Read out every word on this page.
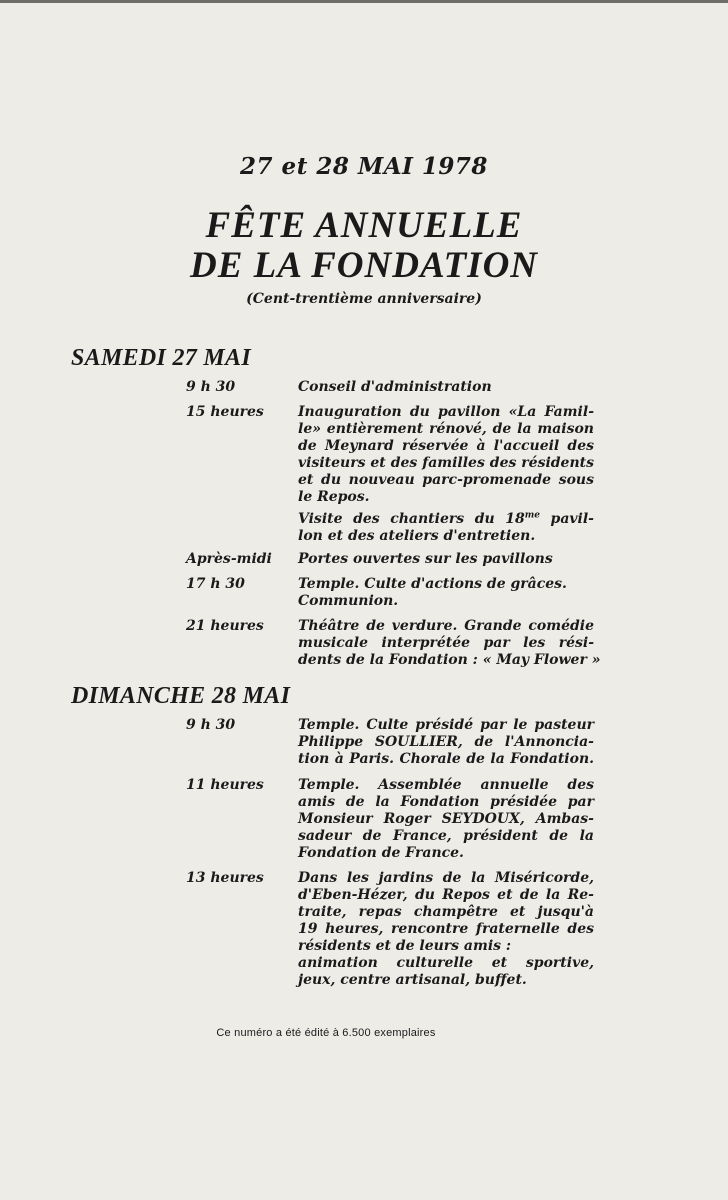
27 et 28 MAI 1978
FÊTE ANNUELLE
DE LA FONDATION
(Cent-trentième anniversaire)
SAMEDI 27 MAI
9 h 30	Conseil d'administration
15 heures Inauguration du pavillon «La Famil-
le» entièrement rénové, de la maison
de Meynard réservée à l'accueil des
visiteurs et des familles des résidents
et du nouveau parc-promenade sous
le Repos.
Visite des chantiers du $18^{me}$ pavil-
lon et des ateliers d'entretien.
Après-midi Portes ouvertes sur les pavillons
17 h 30	Temple. Culte d'actions de grâces.
Communion.
21 heures Théâtre de verdure. Grande comédie
musicale interprétée par les rési-
dents de la Fondation : « May Flower »
DIMANCHE 28 MAI
9 h 30	Temple. Culte présidé par le pasteur
Philippe SOULLIER, de l'Annoncia-
tion à Paris. Chorale de la Fondation.
11 heures Temple. Assemblée annuelle des
amis de la Fondation présidée par
Monsieur Roger SEYDOUX, Ambas-
sadeur de France, président de la
Fondation de France.
13 heures Dans les jardins de la Miséricorde,
d'Eben-Hézer, du Repos et de la Re-
traite, repas champêtre et jusqu'à
19 heures, rencontre fraternelle des
résidents et de leurs amis :
animation culturelle et sportive,
jeux, centre artisanal, buffet.
Ce numéro a été édité à 6.500 exemplaires
